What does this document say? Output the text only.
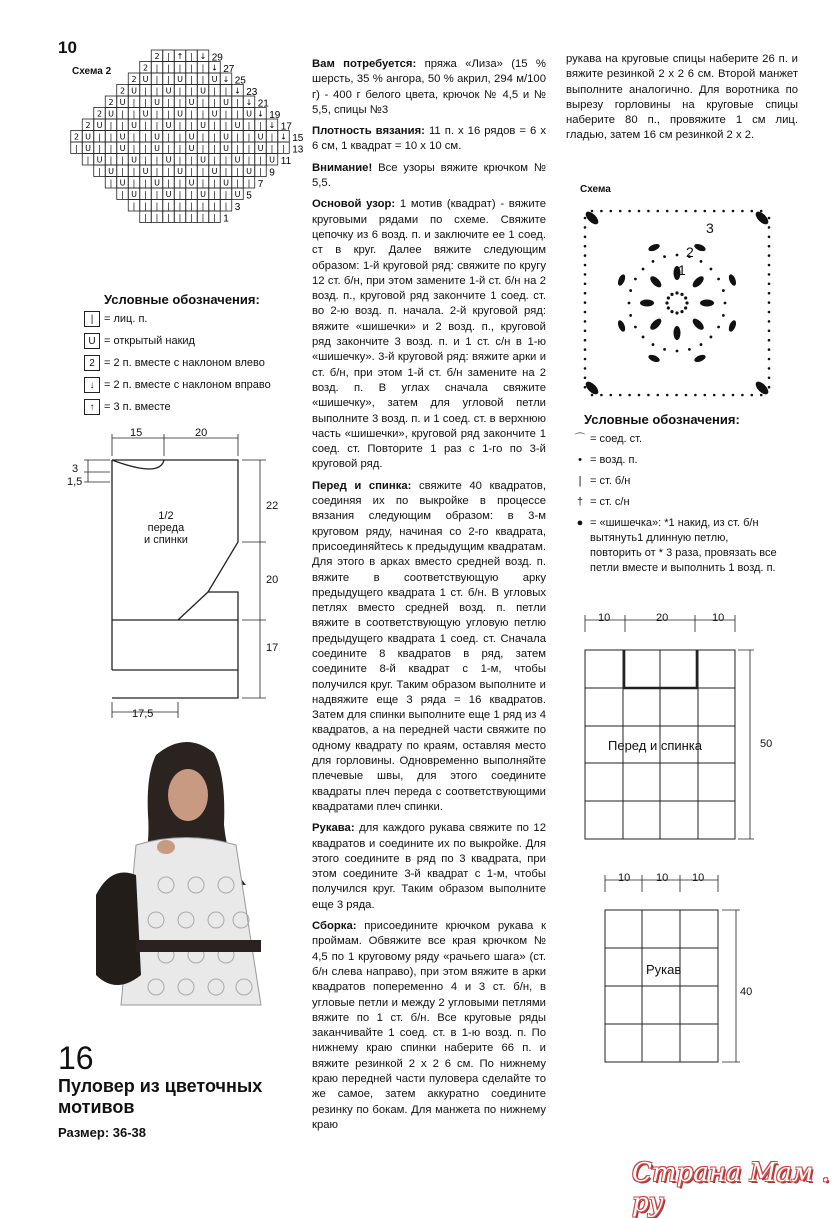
10
Схема 2
2 | ↑ | ↓ 29
2 | | | | | ↓ 27
2 U | | U | | U ↓ 25
2 U | | U | | U | | ↓ 23
2 U | | U | | U | | U | ↓ 21
2 U | | U | | U | | U | | U ↓ 19
2 U | | U | | U | | U | | U | | ↓ 17
2 U | | U | | U | | U | | U | | U | ↓ 15
| U | | U | | U | | U | | U | | U | | 13
| U | | U | | U | | U | | U | | U 11
| U | | U | | U | | U | | U | 9
| U | | U | | U | | U | | 7
| U | | U | | U | | U 5
| | | | | | | | | 3
| | | | | | | 1
Условные обозначения:
| = лиц. п.
U = открытый накид
2 = 2 п. вместе с наклоном влево
↓ = 2 п. вместе с наклоном вправо
↑ = 3 п. вместе
15	20
3
1,5
22
20
17
17,5
1/2
переда
и спинки
16
Пуловер из цветочных
мотивов
Размер: 36-38

Вам потребуется: пряжа «Лиза» (15 % шерсть, 35 % ангора, 50 % акрил, 294 м/100 г) - 400 г белого цвета, крючок № 4,5 и № 5,5, спицы №3

Плотность вязания: 11 п. х 16 рядов = 6 х 6 см, 1 квадрат = 10 х 10 см.

Внимание! Все узоры вяжите крючком № 5,5.

Основой узор: 1 мотив (квадрат) - вяжите круговыми рядами по схеме. Свяжите цепочку из 6 возд. п. и заключите ее 1 соед. ст в круг. Далее вяжите следующим образом: 1-й круговой ряд: свяжите по кругу 12 ст. б/н, при этом замените 1-й ст. б/н на 2 возд. п., круговой ряд закончите 1 соед. ст. во 2-ю возд. п. начала. 2-й круговой ряд: вяжите «шишечки» и 2 возд. п., круговой ряд закончите 3 возд. п. и 1 ст. с/н в 1-ю «шишечку». 3-й круговой ряд: вяжите арки и ст. б/н, при этом 1-й ст. б/н замените на 2 возд. п. В углах сначала свяжите «шишечку», затем для угловой петли выполните 3 возд. п. и 1 соед. ст. в верхнюю часть «шишечки», круговой ряд закончите 1 соед. ст. Повторите 1 раз с 1-го по 3-й круговой ряд.

Перед и спинка: свяжите 40 квадратов, соединяя их по выкройке в процессе вязания следующим образом: в 3-м круговом ряду, начиная со 2-го квадрата, присоединяйтесь к предыдущим квадратам. Для этого в арках вместо средней возд. п. вяжите в соответствующую арку предыдущего квадрата 1 ст. б/н. В угловых петлях вместо средней возд. п. петли вяжите в соответствующую угловую петлю предыдущего квадрата 1 соед. ст. Сначала соедините 8 квадратов в ряд, затем соедините 8-й квадрат с 1-м, чтобы получился круг. Таким образом выполните и надвяжите еще 3 ряда = 16 квадратов. Затем для спинки выполните еще 1 ряд из 4 квадратов, а на передней части свяжите по одному квадрату по краям, оставляя место для горловины. Одновременно выполняйте плечевые швы, для этого соедините квадраты плеч переда с соответствующими квадратами плеч спинки.

Рукава: для каждого рукава свяжите по 12 квадратов и соедините их по выкройке. Для этого соедините в ряд по 3 квадрата, при этом соедините 3-й квадрат с 1-м, чтобы получился круг. Таким образом выполните еще 3 ряда.

Сборка: присоедините крючком рукава к проймам. Обвяжите все края крючком № 4,5 по 1 круговому ряду «рачьего шага» (ст. б/н слева направо), при этом вяжите в арки квадратов попеременно 4 и 3 ст. б/н, в угловые петли и между 2 угловыми петлями вяжите по 1 ст. б/н. Все круговые ряды заканчивайте 1 соед. ст. в 1-ю возд. п. По нижнему краю спинки наберите 66 п. и вяжите резинкой 2 х 2 6 см. По нижнему краю передней части пуловера сделайте то же самое, затем аккуратно соедините резинку по бокам. Для манжета по нижнему краю

рукава на круговые спицы наберите 26 п. и вяжите резинкой 2 х 2 6 см. Второй манжет выполните аналогично. Для воротника по вырезу горловины на круговые спицы наберите 80 п., провяжите 1 см лиц. гладью, затем 16 см резинкой 2 х 2.

Схема
3
2
1
Условные обозначения:
⌒ = соед. ст.
• = возд. п.
| = ст. б/н
† = ст. с/н
● = «шишечка»: *1 накид, из ст. б/н вытянуть1 длинную петлю, повторить от * 3 раза, провязать все петли вместе и выполнить 1 возд. п.
10	20	10
Перед и спинка	50
10 10 10
Рукав
40
Страна Мам . ру
